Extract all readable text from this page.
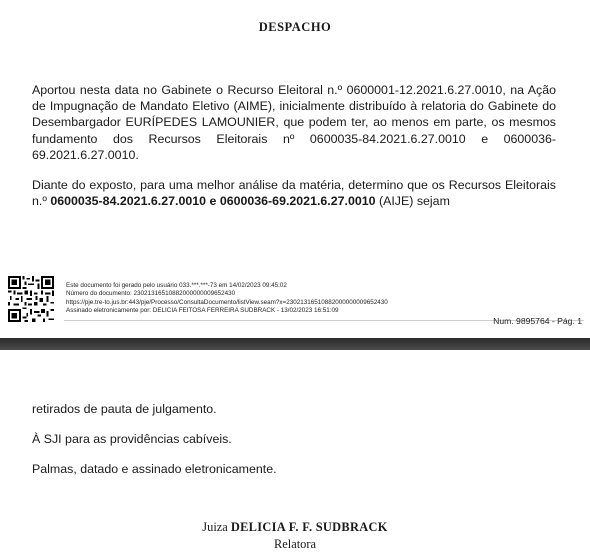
DESPACHO

Aportou nesta data no Gabinete o Recurso Eleitoral n.º 0600001-12.2021.6.27.0010, na Ação de Impugnação de Mandato Eletivo (AIME), inicialmente distribuído à relatoria do Gabinete do Desembargador EURÍPEDES LAMOUNIER, que podem ter, ao menos em parte, os mesmos fundamento dos Recursos Eleitorais nº 0600035-84.2021.6.27.0010 e 0600036-69.2021.6.27.0010.

Diante do exposto, para uma melhor análise da matéria, determino que os Recursos Eleitorais n.º 0600035-84.2021.6.27.0010 e 0600036-69.2021.6.27.0010 (AIJE) sejam

Este documento foi gerado pelo usuário 033.***.***-73 em 14/02/2023 09:45:02
Número do documento: 23021316510882000000009652430
https://pje.tre-to.jus.br:443/pje/Processo/ConsultaDocumento/listView.seam?x=23021316510882000000009652430
Assinado eletronicamente por: DELICIA FEITOSA FERREIRA SUDBRACK - 13/02/2023 16:51:09
Num. 9895764 - Pág. 1

retirados de pauta de julgamento.

À SJI para as providências cabíveis.

Palmas, datado e assinado eletronicamente.

Juiza DELICIA F. F. SUDBRACK
Relatora
